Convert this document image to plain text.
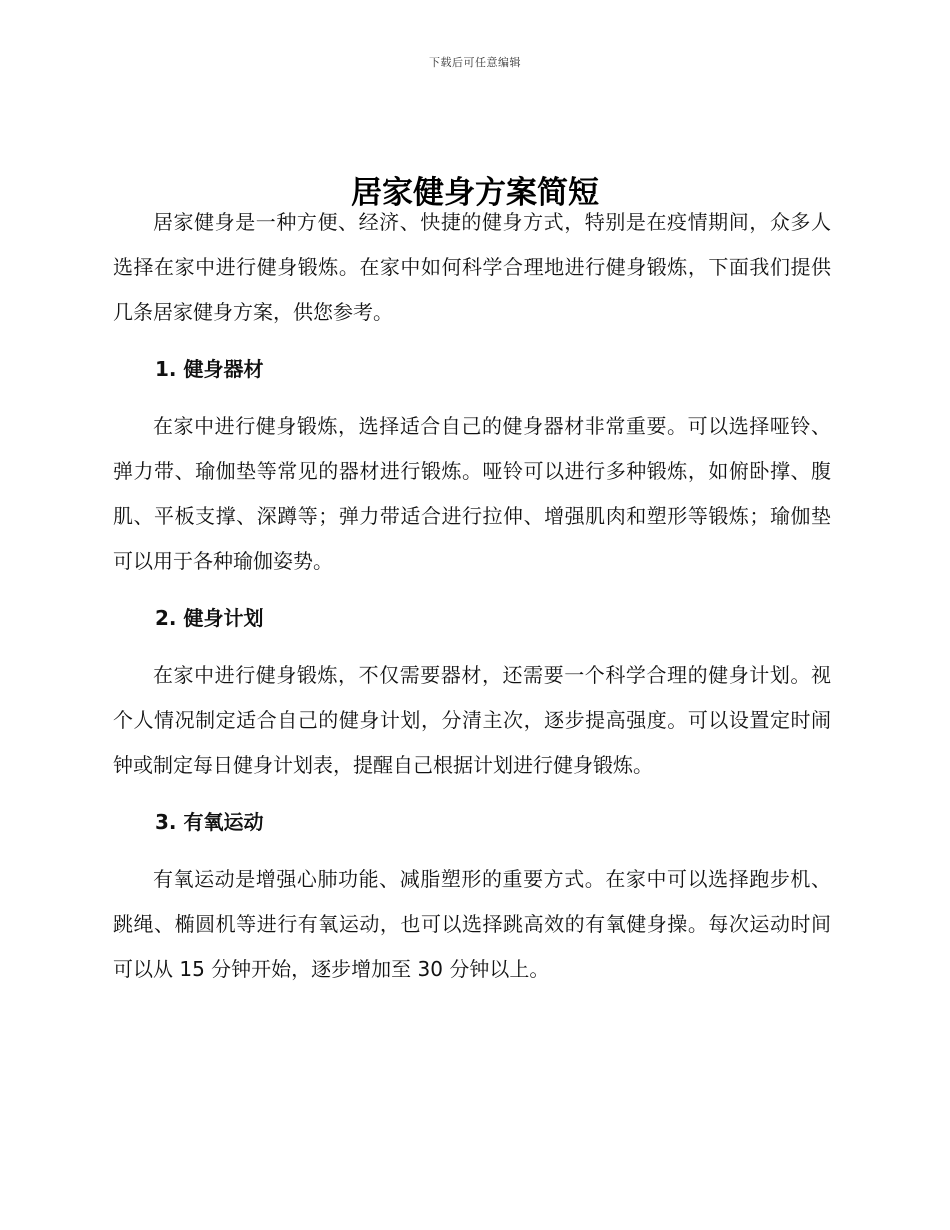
下载后可任意编辑
居家健身方案简短

居家健身是一种方便、经济、快捷的健身方式，特别是在疫情期间，众多人选择在家中进行健身锻炼。在家中如何科学合理地进行健身锻炼，下面我们提供几条居家健身方案，供您参考。

1. 健身器材

在家中进行健身锻炼，选择适合自己的健身器材非常重要。可以选择哑铃、弹力带、瑜伽垫等常见的器材进行锻炼。哑铃可以进行多种锻炼，如俯卧撑、腹肌、平板支撑、深蹲等；弹力带适合进行拉伸、增强肌肉和塑形等锻炼；瑜伽垫可以用于各种瑜伽姿势。

2. 健身计划

在家中进行健身锻炼，不仅需要器材，还需要一个科学合理的健身计划。视个人情况制定适合自己的健身计划，分清主次，逐步提高强度。可以设置定时闹钟或制定每日健身计划表，提醒自己根据计划进行健身锻炼。

3. 有氧运动

有氧运动是增强心肺功能、减脂塑形的重要方式。在家中可以选择跑步机、跳绳、椭圆机等进行有氧运动，也可以选择跳高效的有氧健身操。每次运动时间可以从 15 分钟开始，逐步增加至 30 分钟以上。
